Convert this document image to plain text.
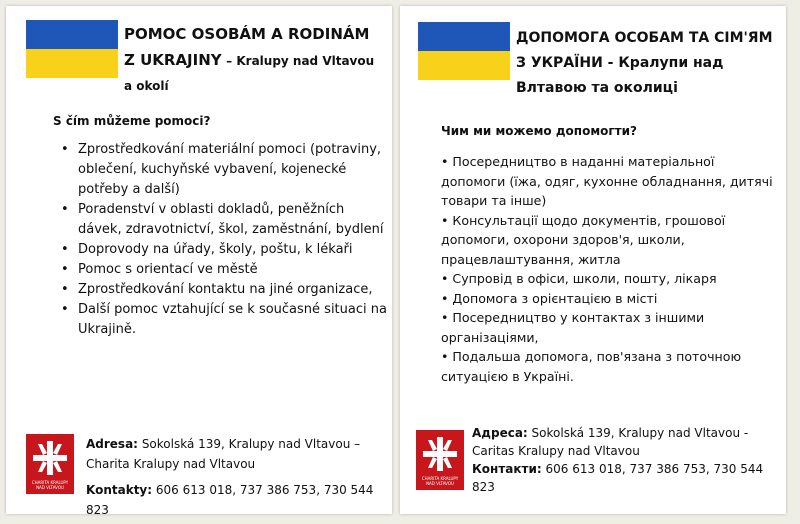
POMOC OSOBÁM A RODINÁM
Z UKRAJINY – Kralupy nad Vltavou a okolí
S čím můžeme pomoci?
• Zprostředkování materiální pomoci (potraviny, oblečení, kuchyňské vybavení, kojenecké potřeby a další)
• Poradenství v oblasti dokladů, peněžních dávek, zdravotnictví, škol, zaměstnání, bydlení
• Doprovody na úřady, školy, poštu, k lékaři
• Pomoc s orientací ve městě
• Zprostředkování kontaktu na jiné organizace,
• Další pomoc vztahující se k současné situaci na Ukrajině.
CHARITA KRALUPY
NAD VLTAVOU
Adresa: Sokolská 139, Kralupy nad Vltavou – Charita Kralupy nad Vltavou
Kontakty: 606 613 018, 737 386 753, 730 544 823
ДОПОМОГА ОСОБАМ ТА СІМ'ЯМ
З УКРАЇНИ - Кралупи над
Влтавою та околиці
Чим ми можемо допомогти?
• Посередництво в наданні матеріальної допомоги (їжа, одяг, кухонне обладнання, дитячі товари та інше)
• Консультації щодо документів, грошової допомоги, охорони здоров'я, школи, працевлаштування, житла
• Супровід в офіси, школи, пошту, лікаря
• Допомога з орієнтацією в місті
• Посередництво у контактах з іншими організаціями,
• Подальша допомога, пов'язана з поточною ситуацією в Україні.
CHARITA KRALUPY
NAD VLTAVOU
Адреса: Sokolská 139, Kralupy nad Vltavou - Caritas Kralupy nad Vltavou
Контакти: 606 613 018, 737 386 753, 730 544 823
